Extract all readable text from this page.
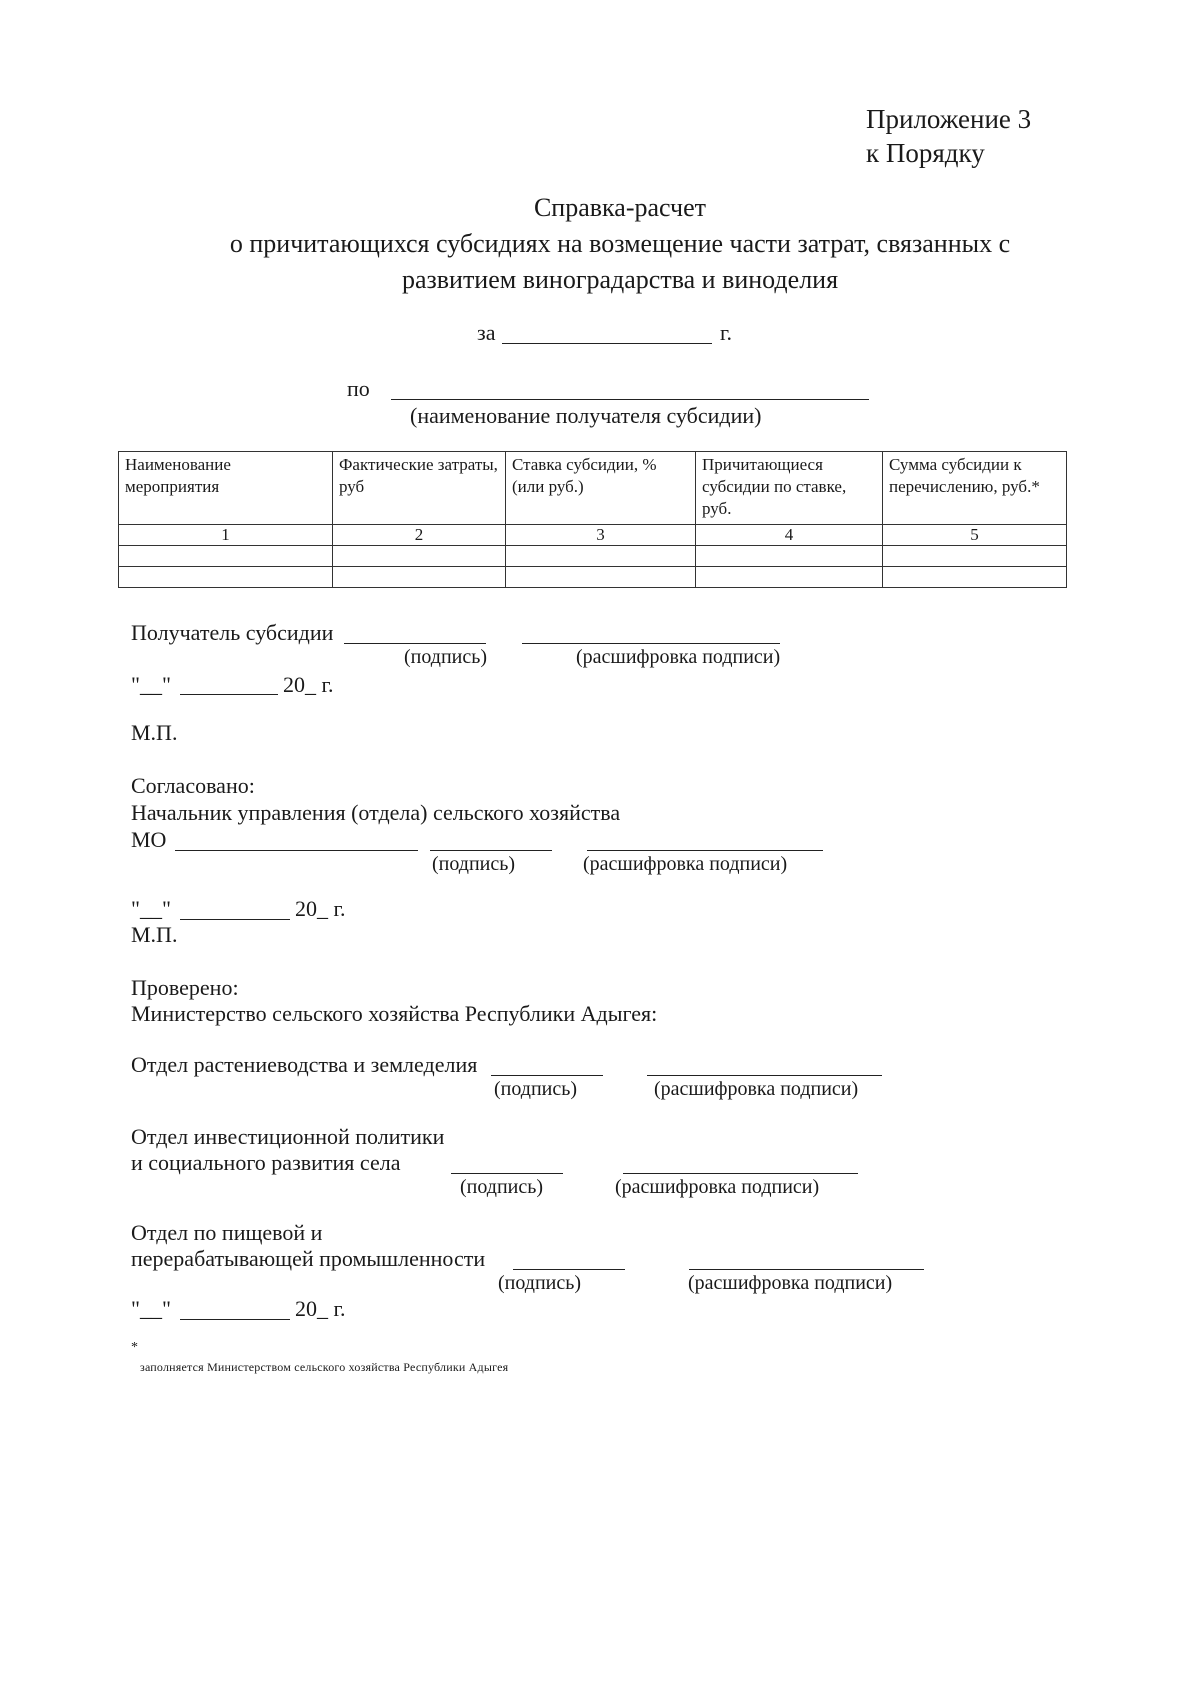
Приложение 3
к Порядку
Справка-расчет
о причитающихся субсидиях на возмещение части затрат, связанных с
развитием виноградарства и виноделия
за	г.
по
(наименование получателя субсидии)
Наименование мероприятия	Фактические затраты, руб	Ставка субсидии, % (или руб.)	Причитающиеся субсидии по ставке, руб.	Сумма субсидии к перечислению, руб.*
1	2	3	4	5

Получатель субсидии
(подпись)	(расшифровка подписи)
"__"	20_ г.
М.П.
Согласовано:
Начальник управления (отдела) сельского хозяйства
МО
(подпись)	(расшифровка подписи)
"__"	20_ г.
М.П.
Проверено:
Министерство сельского хозяйства Республики Адыгея:
Отдел растениеводства и земледелия
(подпись)	(расшифровка подписи)
Отдел инвестиционной политики
и социального развития села
(подпись)	(расшифровка подписи)
Отдел по пищевой и
перерабатывающей промышленности
(подпись)	(расшифровка подписи)
"__"	20_ г.
*
заполняется Министерством сельского хозяйства Республики Адыгея
